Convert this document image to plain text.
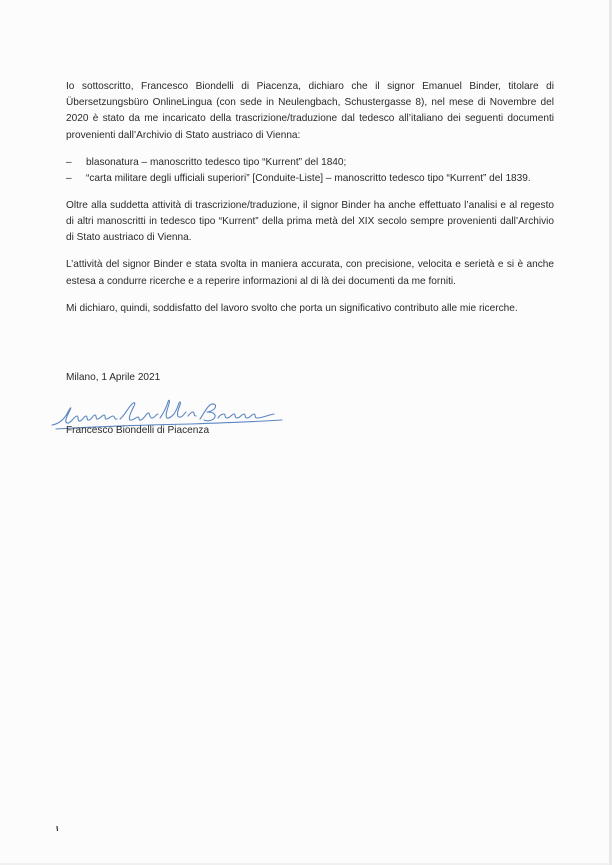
Io sottoscritto, Francesco Biondelli di Piacenza, dichiaro che il signor Emanuel Binder, titolare di Übersetzungsbüro OnlineLingua (con sede in Neulengbach, Schustergasse 8), nel mese di Novembre del 2020 è stato da me incaricato della trascrizione/traduzione dal tedesco all’italiano dei seguenti documenti provenienti dall’Archivio di Stato austriaco di Vienna:

– blasonatura – manoscritto tedesco tipo “Kurrent” del 1840;
– “carta militare degli ufficiali superiori” [Conduite-Liste] – manoscritto tedesco tipo “Kurrent” del 1839.

Oltre alla suddetta attività di trascrizione/traduzione, il signor Binder ha anche effettuato l’analisi e al regesto di altri manoscritti in tedesco tipo “Kurrent” della prima metà del XIX secolo sempre provenienti dall’Archivio di Stato austriaco di Vienna.

L’attività del signor Binder e stata svolta in maniera accurata, con precisione, velocita e serietà e si è anche estesa a condurre ricerche e a reperire informazioni al di là dei documenti da me forniti.

Mi dichiaro, quindi, soddisfatto del lavoro svolto che porta un significativo contributo alle mie ricerche.

Milano, 1 Aprile 2021
Francesco Biondelli di Piacenza
